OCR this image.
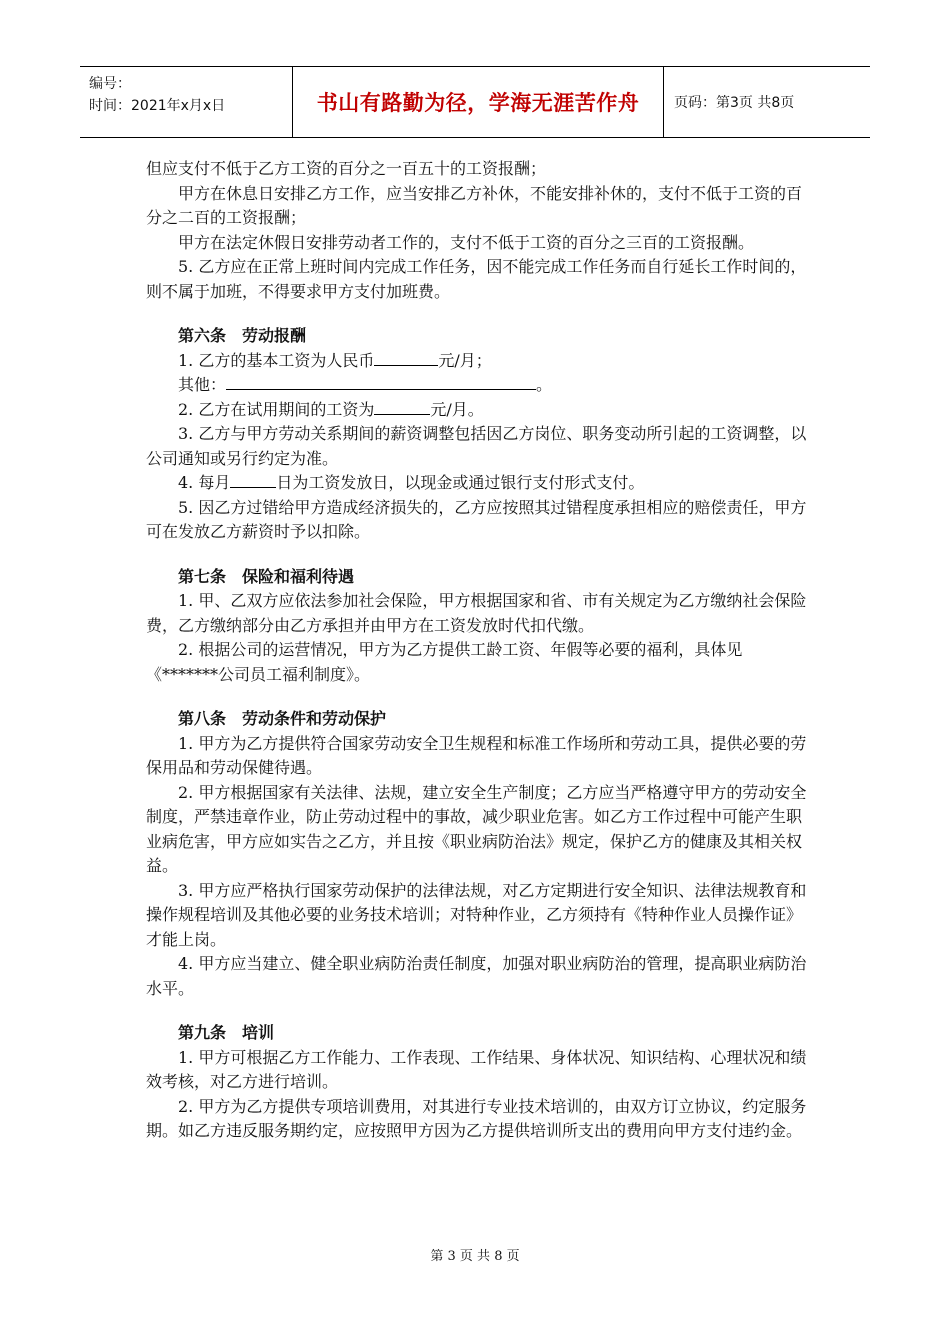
编号：
时间：2021年x月x日	书山有路勤为径，学海无涯苦作舟	页码：第3页 共8页

但应支付不低于乙方工资的百分之一百五十的工资报酬；

甲方在休息日安排乙方工作，应当安排乙方补休，不能安排补休的，支付不低于工资的百分之二百的工资报酬；

甲方在法定休假日安排劳动者工作的，支付不低于工资的百分之三百的工资报酬。

5. 乙方应在正常上班时间内完成工作任务，因不能完成工作任务而自行延长工作时间的，则不属于加班，不得要求甲方支付加班费。

第六条　劳动报酬

1. 乙方的基本工资为人民币	元/月；

其他：	。

2. 乙方在试用期间的工资为	元/月。

3. 乙方与甲方劳动关系期间的薪资调整包括因乙方岗位、职务变动所引起的工资调整，以公司通知或另行约定为准。

4. 每月	日为工资发放日，以现金或通过银行支付形式支付。

5. 因乙方过错给甲方造成经济损失的，乙方应按照其过错程度承担相应的赔偿责任，甲方可在发放乙方薪资时予以扣除。

第七条　保险和福利待遇

1. 甲、乙双方应依法参加社会保险，甲方根据国家和省、市有关规定为乙方缴纳社会保险费，乙方缴纳部分由乙方承担并由甲方在工资发放时代扣代缴。

2. 根据公司的运营情况，甲方为乙方提供工龄工资、年假等必要的福利，具体见《*******公司员工福利制度》。

第八条　劳动条件和劳动保护

1. 甲方为乙方提供符合国家劳动安全卫生规程和标准工作场所和劳动工具，提供必要的劳保用品和劳动保健待遇。

2. 甲方根据国家有关法律、法规，建立安全生产制度；乙方应当严格遵守甲方的劳动安全制度，严禁违章作业，防止劳动过程中的事故，减少职业危害。如乙方工作过程中可能产生职业病危害，甲方应如实告之乙方，并且按《职业病防治法》规定，保护乙方的健康及其相关权益。

3. 甲方应严格执行国家劳动保护的法律法规，对乙方定期进行安全知识、法律法规教育和操作规程培训及其他必要的业务技术培训；对特种作业，乙方须持有《特种作业人员操作证》才能上岗。

4. 甲方应当建立、健全职业病防治责任制度，加强对职业病防治的管理，提高职业病防治水平。

第九条　培训

1. 甲方可根据乙方工作能力、工作表现、工作结果、身体状况、知识结构、心理状况和绩效考核，对乙方进行培训。

2. 甲方为乙方提供专项培训费用，对其进行专业技术培训的，由双方订立协议，约定服务期。如乙方违反服务期约定，应按照甲方因为乙方提供培训所支出的费用向甲方支付违约金。

第 3 页 共 8 页
